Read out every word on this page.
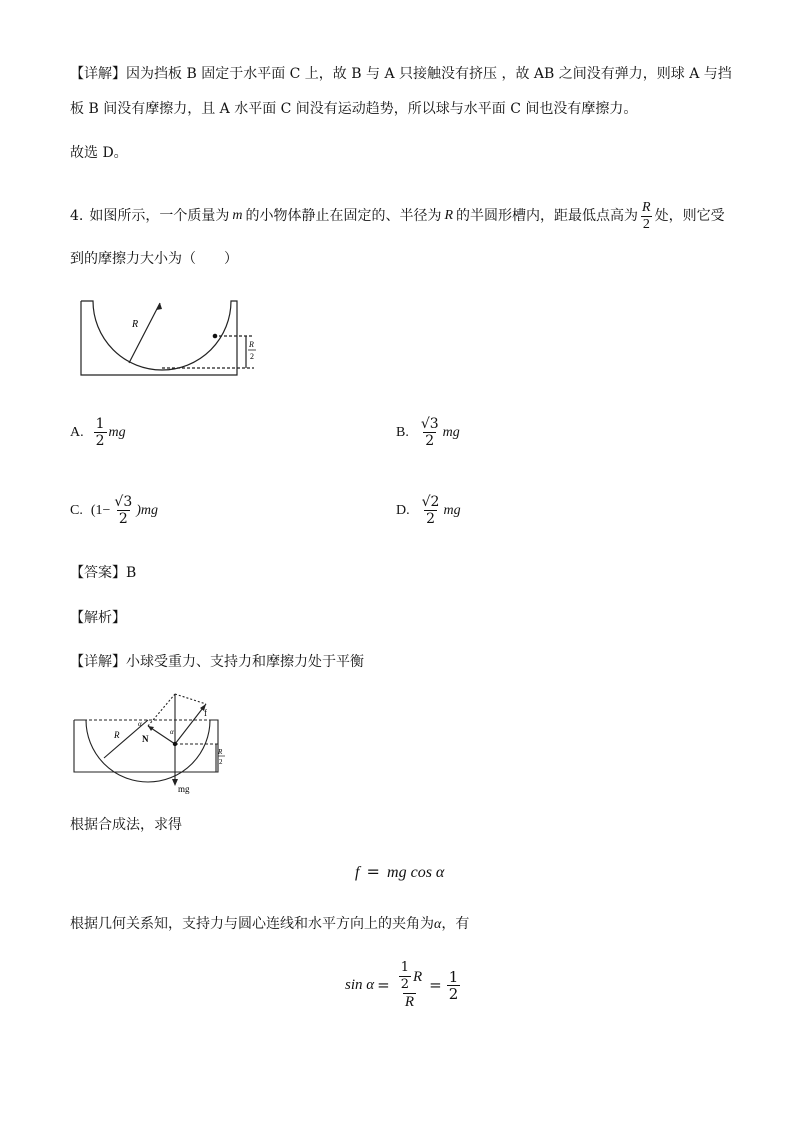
【详解】因为挡板 B 固定于水平面 C 上，故 B 与 A 只接触没有挤压 ，故 AB 之间没有弹力，则球 A 与挡
板 B 间没有摩擦力，且 A 水平面 C 间没有运动趋势，所以球与水平面 C 间也没有摩擦力。
故选 D。
4. 如图所示，一个质量为 m 的小物体静止在固定的、半径为 R 的半圆形槽内，距最低点高为 $\frac{R}{2}$ 处，则它受
到的摩擦力大小为（　　）
R
R
2
A. $\frac{1}{2}$ mg	B. $\frac{√3}{2}$ mg
C. $(1- \frac{√3}{2} )mg$	D. $\frac{√2}{2}$ mg
【答案】B
【解析】
【详解】小球受重力、支持力和摩擦力处于平衡
R	N
α
α
f
mg
R
2
根据合成法，求得
f = mg cos α
根据几何关系知，支持力与圆心连线和水平方向上的夹角为α，有
$\sin \alpha = \frac{\frac{1}{2} R}{R} = \frac{1}{2}$
